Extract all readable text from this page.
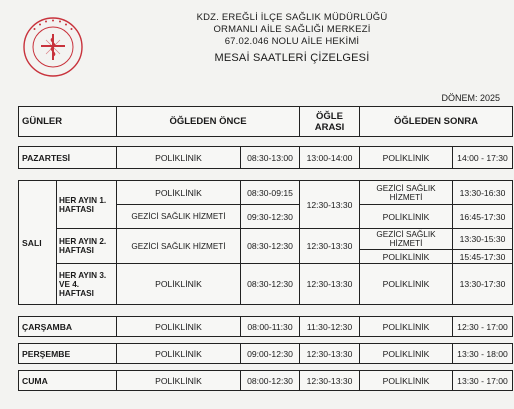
KDZ. EREĞLİ İLÇE SAĞLIK MÜDÜRLÜĞÜ
ORMANLI AİLE SAĞLIĞI MERKEZİ
67.02.046 NOLU AİLE HEKİMİ
MESAİ SAATLERİ ÇİZELGESİ
DÖNEM: 2025
GÜNLER	ÖĞLEDEN ÖNCE	ÖĞLE ARASI	ÖĞLEDEN SONRA
PAZARTESİ	POLİKLİNİK	08:30-13:00	13:00-14:00	POLİKLİNİK	14:00 - 17:30
SALI	HER AYIN 1. HAFTASI	POLİKLİNİK	08:30-09:15	12:30-13:30	GEZİCİ SAĞLIK HİZMETİ	13:30-16:30
		GEZİCİ SAĞLIK HİZMETİ	09:30-12:30		POLİKLİNİK	16:45-17:30
	HER AYIN 2. HAFTASI	GEZİCİ SAĞLIK HİZMETİ	08:30-12:30	12:30-13:30	GEZİCİ SAĞLIK HİZMETİ	13:30-15:30
					POLİKLİNİK	15:45-17:30
	HER AYIN 3. VE 4. HAFTASI	POLİKLİNİK	08:30-12:30	12:30-13:30	POLİKLİNİK	13:30-17:30

ÇARŞAMBA	POLİKLİNİK	08:00-11:30	11:30-12:30	POLİKLİNİK	12:30 - 17:00
PERŞEMBE	POLİKLİNİK	09:00-12:30	12:30-13:30	POLİKLİNİK	13:30 - 18:00
CUMA	POLİKLİNİK	08:00-12:30	12:30-13:30	POLİKLİNİK	13:30 - 17:00
